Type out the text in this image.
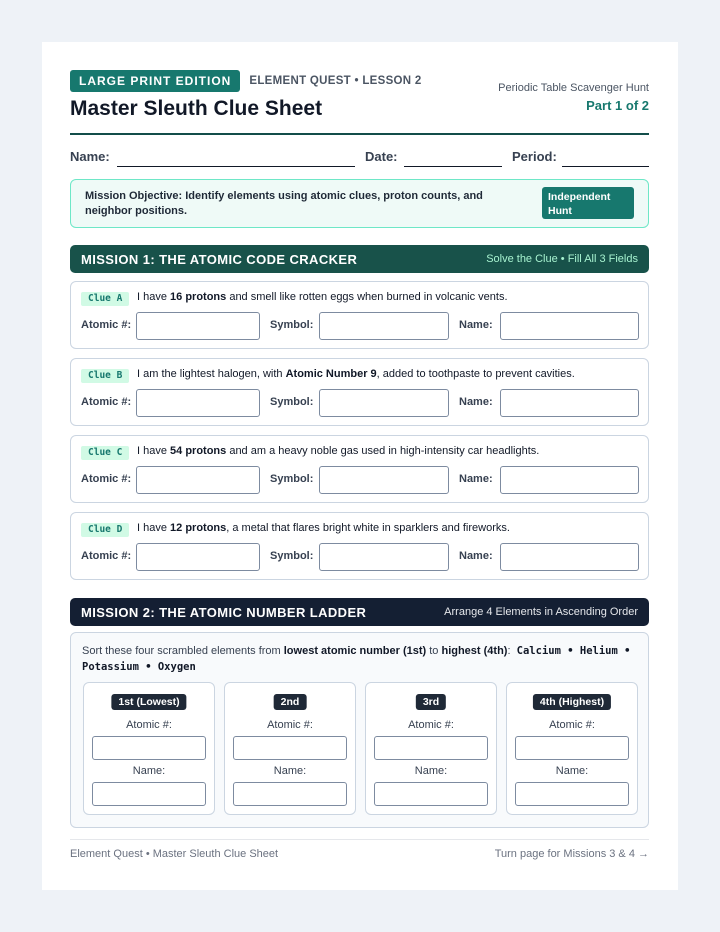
LARGE PRINT EDITION	ELEMENT QUEST • LESSON 2
Master Sleuth Clue Sheet
Periodic Table Scavenger Hunt
Part 1 of 2
Name:	Date:	Period:
Mission Objective: Identify elements using atomic clues, proton counts, and neighbor positions.
Independent Hunt
MISSION 1: THE ATOMIC CODE CRACKER	Solve the Clue • Fill All 3 Fields
Clue A	I have 16 protons and smell like rotten eggs when burned in volcanic vents.
Atomic #:	Symbol:	Name:
Clue B	I am the lightest halogen, with Atomic Number 9, added to toothpaste to prevent cavities.
Atomic #:	Symbol:	Name:
Clue C	I have 54 protons and am a heavy noble gas used in high-intensity car headlights.
Atomic #:	Symbol:	Name:
Clue D	I have 12 protons, a metal that flares bright white in sparklers and fireworks.
Atomic #:	Symbol:	Name:
MISSION 2: THE ATOMIC NUMBER LADDER	Arrange 4 Elements in Ascending Order
Sort these four scrambled elements from lowest atomic number (1st) to highest (4th): Calcium • Helium • Potassium • Oxygen
1st (Lowest)
Atomic #:
Name:
2nd
Atomic #:
Name:
3rd
Atomic #:
Name:
4th (Highest)
Atomic #:
Name:
Element Quest • Master Sleuth Clue Sheet	Turn page for Missions 3 & 4 →
